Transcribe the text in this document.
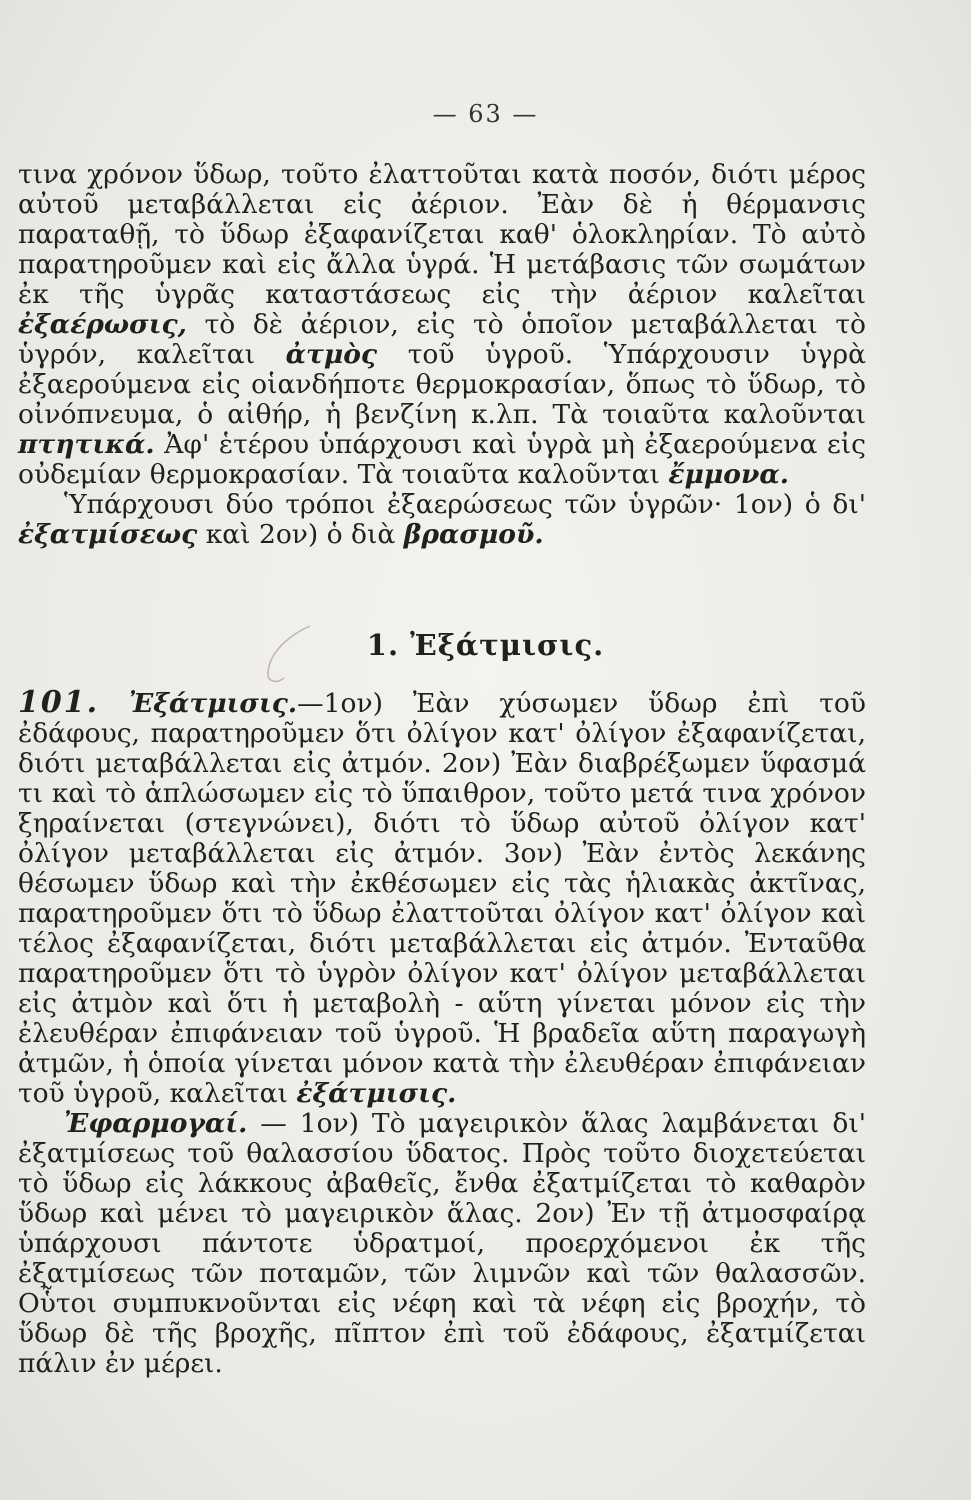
— 63 —

τινα χρόνον ὕδωρ, τοῦτο ἐλαττοῦται κατὰ ποσόν, διότι μέρος αὐτοῦ μεταβάλλεται εἰς ἀέριον. Ἐὰν δὲ ἡ θέρμανσις παραταθῇ, τὸ ὕδωρ ἐξαφανίζεται καθ' ὁλοκληρίαν. Τὸ αὐτὸ παρατηροῦμεν καὶ εἰς ἄλλα ὑγρά. Ἡ μετάβασις τῶν σωμάτων ἐκ τῆς ὑγρᾶς καταστάσεως εἰς τὴν ἀέριον καλεῖται ἐξαέρωσις, τὸ δὲ ἀέριον, εἰς τὸ ὁποῖον μεταβάλλεται τὸ ὑγρόν, καλεῖται ἀτμὸς τοῦ ὑγροῦ. Ὑπάρχουσιν ὑγρὰ ἐξαερούμενα εἰς οἱανδήποτε θερμοκρασίαν, ὅπως τὸ ὕδωρ, τὸ οἰνόπνευμα, ὁ αἰθήρ, ἡ βενζίνη κ.λπ. Τὰ τοιαῦτα καλοῦνται πτητικά. Ἀφ' ἑτέρου ὑπάρχουσι καὶ ὑγρὰ μὴ ἐξαερούμενα εἰς οὐδεμίαν θερμοκρασίαν. Τὰ τοιαῦτα καλοῦνται ἔμμονα.

Ὑπάρχουσι δύο τρόποι ἐξαερώσεως τῶν ὑγρῶν· 1ον) ὁ δι' ἐξατμίσεως καὶ 2ον) ὁ διὰ βρασμοῦ.

1. Ἐξάτμισις.

101. Ἐξάτμισις.—1ον) Ἐὰν χύσωμεν ὕδωρ ἐπὶ τοῦ ἐδάφους, παρατηροῦμεν ὅτι ὀλίγον κατ' ὀλίγον ἐξαφανίζεται, διότι μεταβάλλεται εἰς ἀτμόν. 2ον) Ἐὰν διαβρέξωμεν ὕφασμά τι καὶ τὸ ἁπλώσωμεν εἰς τὸ ὕπαιθρον, τοῦτο μετά τινα χρόνον ξηραίνεται (στεγνώνει), διότι τὸ ὕδωρ αὐτοῦ ὀλίγον κατ' ὀλίγον μεταβάλλεται εἰς ἀτμόν. 3ον) Ἐὰν ἐντὸς λεκάνης θέσωμεν ὕδωρ καὶ τὴν ἐκθέσωμεν εἰς τὰς ἡλιακὰς ἀκτῖνας, παρατηροῦμεν ὅτι τὸ ὕδωρ ἐλαττοῦται ὀλίγον κατ' ὀλίγον καὶ τέλος ἐξαφανίζεται, διότι μεταβάλλεται εἰς ἀτμόν. Ἐνταῦθα παρατηροῦμεν ὅτι τὸ ὑγρὸν ὀλίγον κατ' ὀλίγον μεταβάλλεται εἰς ἀτμὸν καὶ ὅτι ἡ μεταβολὴ - αὕτη γίνεται μόνον εἰς τὴν ἐλευθέραν ἐπιφάνειαν τοῦ ὑγροῦ. Ἡ βραδεῖα αὕτη παραγωγὴ ἀτμῶν, ἡ ὁποία γίνεται μόνον κατὰ τὴν ἐλευθέραν ἐπιφάνειαν τοῦ ὑγροῦ, καλεῖται ἐξάτμισις.

Ἐφαρμογαί. — 1ον) Τὸ μαγειρικὸν ἅλας λαμβάνεται δι' ἐξατμίσεως τοῦ θαλασσίου ὕδατος. Πρὸς τοῦτο διοχετεύεται τὸ ὕδωρ εἰς λάκκους ἀβαθεῖς, ἔνθα ἐξατμίζεται τὸ καθαρὸν ὕδωρ καὶ μένει τὸ μαγειρικὸν ἅλας. 2ον) Ἐν τῇ ἀτμοσφαίρᾳ ὑπάρχουσι πάντοτε ὑδρατμοί, προερχόμενοι ἐκ τῆς ἐξατμίσεως τῶν ποταμῶν, τῶν λιμνῶν καὶ τῶν θαλασσῶν. Οὗτοι συμπυκνοῦνται εἰς νέφη καὶ τὰ νέφη εἰς βροχήν, τὸ ὕδωρ δὲ τῆς βροχῆς, πῖπτον ἐπὶ τοῦ ἐδάφους, ἐξατμίζεται πάλιν ἐν μέρει.
